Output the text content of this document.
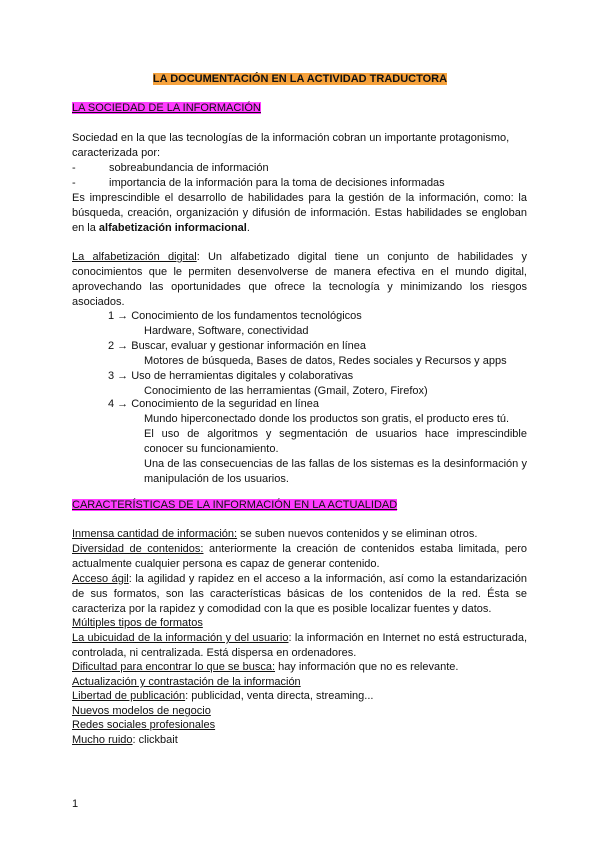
LA DOCUMENTACIÓN EN LA ACTIVIDAD TRADUCTORA
LA SOCIEDAD DE LA INFORMACIÓN
Sociedad en la que las tecnologías de la información cobran un importante protagonismo,
caracterizada por:
-	sobreabundancia de información
-	importancia de la información para la toma de decisiones informadas
Es imprescindible el desarrollo de habilidades para la gestión de la información, como: la
búsqueda, creación, organización y difusión de información. Estas habilidades se engloban
en la alfabetización informacional.
La alfabetización digital: Un alfabetizado digital tiene un conjunto de habilidades y
conocimientos que le permiten desenvolverse de manera efectiva en el mundo digital,
aprovechando las oportunidades que ofrece la tecnología y minimizando los riesgos
asociados.
1 → Conocimiento de los fundamentos tecnológicos
Hardware, Software, conectividad
2 → Buscar, evaluar y gestionar información en línea
Motores de búsqueda, Bases de datos, Redes sociales y Recursos y apps
3 → Uso de herramientas digitales y colaborativas
Conocimiento de las herramientas (Gmail, Zotero, Firefox)
4 → Conocimiento de la seguridad en línea
Mundo hiperconectado donde los productos son gratis, el producto eres tú.
El uso de algoritmos y segmentación de usuarios hace imprescindible
conocer su funcionamiento.
Una de las consecuencias de las fallas de los sistemas es la desinformación y
manipulación de los usuarios.
CARACTERÍSTICAS DE LA INFORMACIÓN EN LA ACTUALIDAD
Inmensa cantidad de información: se suben nuevos contenidos y se eliminan otros.
Diversidad de contenidos: anteriormente la creación de contenidos estaba limitada, pero
actualmente cualquier persona es capaz de generar contenido.
Acceso ágil: la agilidad y rapidez en el acceso a la información, así como la estandarización
de sus formatos, son las características básicas de los contenidos de la red. Ésta se
caracteriza por la rapidez y comodidad con la que es posible localizar fuentes y datos.
Múltiples tipos de formatos
La ubicuidad de la información y del usuario: la información en Internet no está estructurada,
controlada, ni centralizada. Está dispersa en ordenadores.
Dificultad para encontrar lo que se busca: hay información que no es relevante.
Actualización y contrastación de la información
Libertad de publicación: publicidad, venta directa, streaming...
Nuevos modelos de negocio
Redes sociales profesionales
Mucho ruido: clickbait
1
